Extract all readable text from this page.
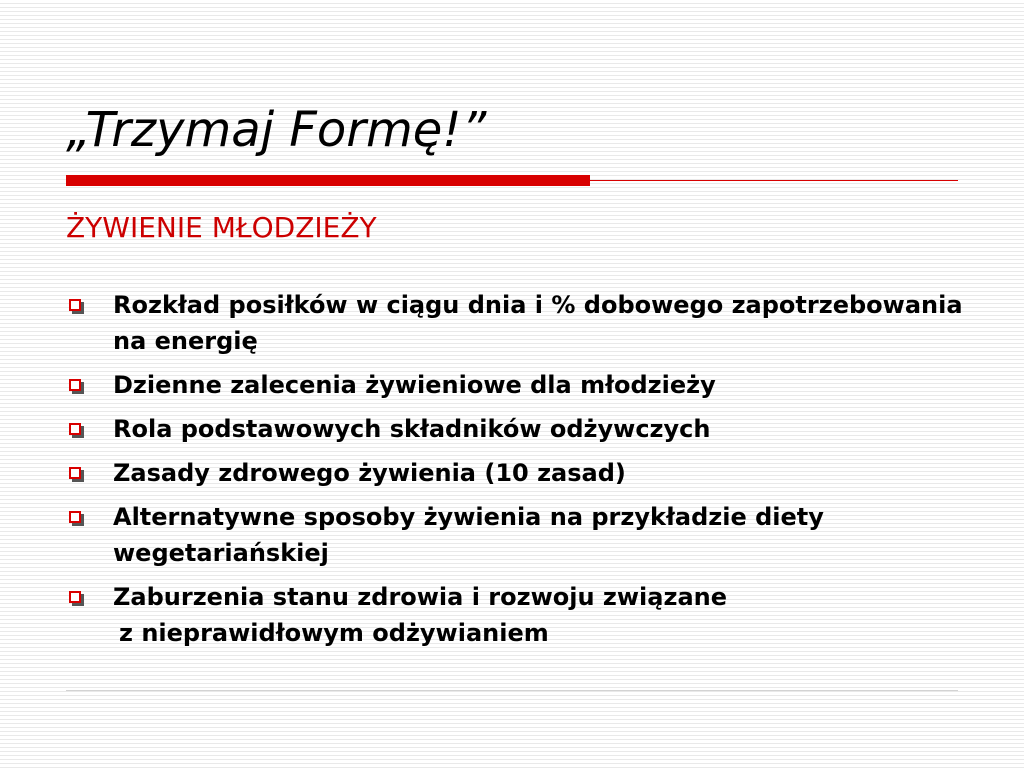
„Trzymaj Formę!”
ŻYWIENIE MŁODZIEŻY
Rozkład posiłków w ciągu dnia i % dobowego zapotrzebowania na energię
Dzienne zalecenia żywieniowe dla młodzieży
Rola podstawowych składników odżywczych
Zasady zdrowego żywienia (10 zasad)
Alternatywne sposoby żywienia na przykładzie diety wegetariańskiej
Zaburzenia stanu zdrowia i rozwoju związane
z nieprawidłowym odżywianiem
